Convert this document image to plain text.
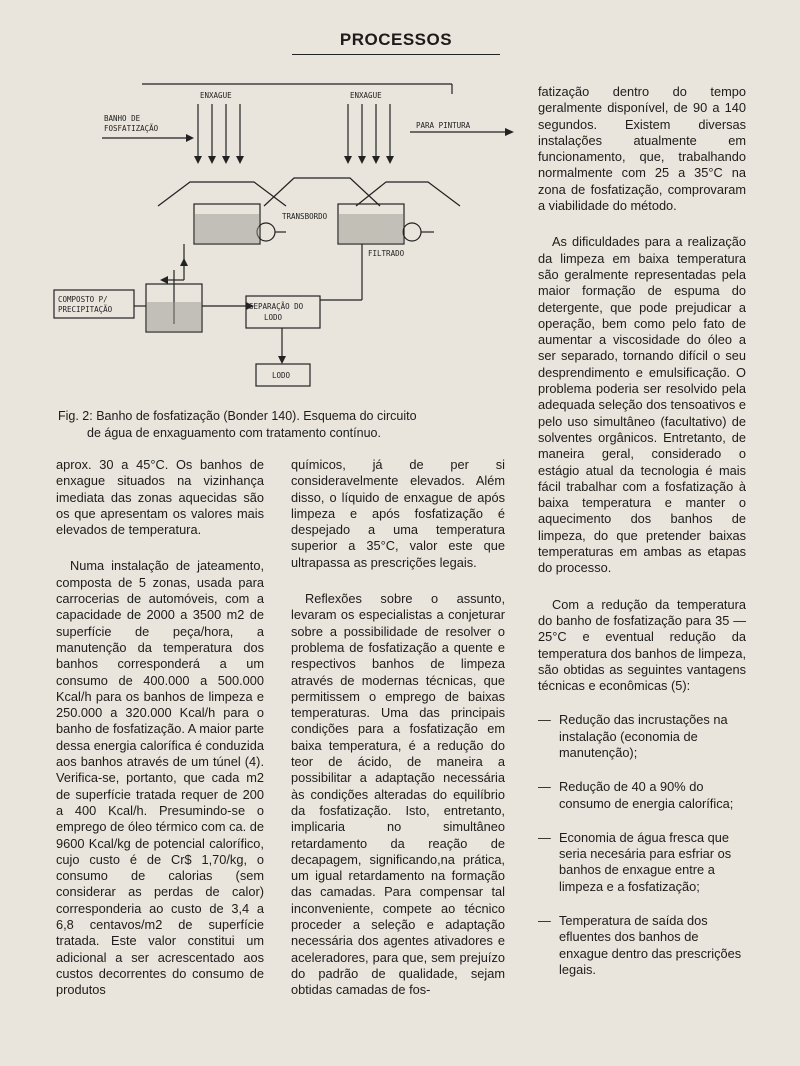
PROCESSOS
ENXAGUE	ENXAGUE
BANHO DE
FOSFATIZAÇÃO	PARA PINTURA
TRANSBORDO
FILTRADO
COMPOSTO P/
PRECIPITAÇÃO	SEPARAÇÃO DO
LODO
LODO
Fig. 2: Banho de fosfatização (Bonder 140). Esquema do circuito
de água de enxaguamento com tratamento contínuo.

aprox. 30 a 45°C. Os banhos de enxague situados na vizinhança imediata das zonas aquecidas são os que apresentam os valores mais elevados de temperatura.

Numa instalação de jateamento, composta de 5 zonas, usada para carrocerias de automóveis, com a capacidade de 2000 a 3500 m2 de superfície de peça/hora, a manutenção da temperatura dos banhos corresponderá a um consumo de 400.000 a 500.000 Kcal/h para os banhos de limpeza e 250.000 a 320.000 Kcal/h para o banho de fosfatização. A maior parte dessa energia calorífica é conduzida aos banhos através de um túnel (4). Verifica-se, portanto, que cada m2 de superfície tratada requer de 200 a 400 Kcal/h. Presumindo-se o emprego de óleo térmico com ca. de 9600 Kcal/kg de potencial calorífico, cujo custo é de Cr$ 1,70/kg, o consumo de calorias (sem considerar as perdas de calor) corresponderia ao custo de 3,4 a 6,8 centavos/m2 de superfície tratada. Este valor constitui um adicional a ser acrescentado aos custos decorrentes do consumo de produtos

químicos, já de per si consideravelmente elevados. Além disso, o líquido de enxague de após limpeza e após fosfatização é despejado a uma temperatura superior a 35°C, valor este que ultrapassa as prescrições legais.

Reflexões sobre o assunto, levaram os especialistas a conjeturar sobre a possibilidade de resolver o problema de fosfatização a quente e respectivos banhos de limpeza através de modernas técnicas, que permitissem o emprego de baixas temperaturas. Uma das principais condições para a fosfatização em baixa temperatura, é a redução do teor de ácido, de maneira a possibilitar a adaptação necessária às condições alteradas do equilíbrio da fosfatização. Isto, entretanto, implicaria no simultâneo retardamento da reação de decapagem, significando,na prática, um igual retardamento na formação das camadas. Para compensar tal inconveniente, compete ao técnico proceder a seleção e adaptação necessária dos agentes ativadores e aceleradores, para que, sem prejuízo do padrão de qualidade, sejam obtidas camadas de fos-

fatização dentro do tempo geralmente disponível, de 90 a 140 segundos. Existem diversas instalações atualmente em funcionamento, que, trabalhando normalmente com 25 a 35°C na zona de fosfatização, comprovaram a viabilidade do método.

As dificuldades para a realização da limpeza em baixa temperatura são geralmente representadas pela maior formação de espuma do detergente, que pode prejudicar a operação, bem como pelo fato de aumentar a viscosidade do óleo a ser separado, tornando difícil o seu desprendimento e emulsificação. O problema poderia ser resolvido pela adequada seleção dos tensoativos e pelo uso simultâneo (facultativo) de solventes orgânicos. Entretanto, de maneira geral, considerado o estágio atual da tecnologia é mais fácil trabalhar com a fosfatização à baixa temperatura e manter o aquecimento dos banhos de limpeza, do que pretender baixas temperaturas em ambas as etapas do processo.

Com a redução da temperatura do banho de fosfatização para 35 — 25°C e eventual redução da temperatura dos banhos de limpeza, são obtidas as seguintes vantagens técnicas e econômicas (5):

— Redução das incrustações na instalação (economia de manutenção);
— Redução de 40 a 90% do consumo de energia calorífica;
— Economia de água fresca que seria necesária para esfriar os banhos de enxague entre a limpeza e a fosfatização;
— Temperatura de saída dos efluentes dos banhos de enxague dentro das prescrições legais.
